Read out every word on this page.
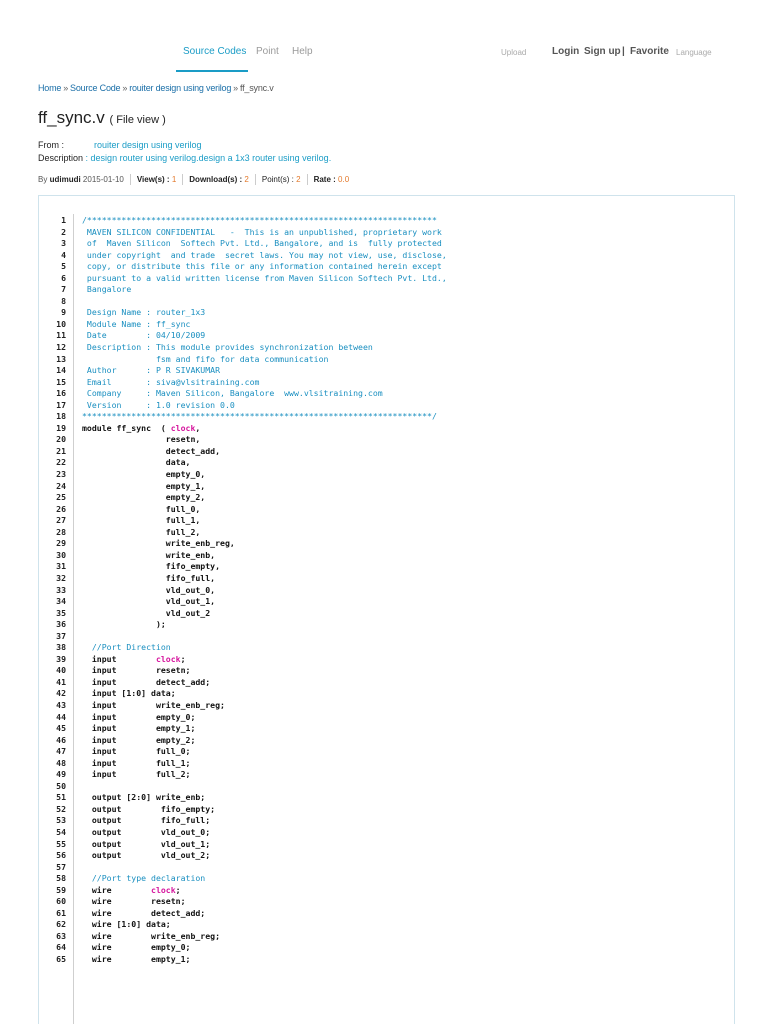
Source Codes Point Help	Upload	Login Sign up | Favorite Language
Home » Source Code » rouiter design using verilog » ff_sync.v
ff_sync.v ( File view )
From :	rouiter design using verilog
Description : design router using verilog.design a 1x3 router using verilog.
By
udimudi
2015-01-10 View(s) :
1 Download(s) :
2 Point(s) :
2 Rate :
0.0
1	/***********************************************************************
2	MAVEN SILICON CONFIDENTIAL   -  This is an unpublished, proprietary work
3	of  Maven Silicon  Softech Pvt. Ltd., Bangalore, and is  fully protected
4	under copyright  and trade  secret laws. You may not view, use, disclose,
5	copy, or distribute this file or any information contained herein except
6	pursuant to a valid written license from Maven Silicon Softech Pvt. Ltd.,
7	Bangalore
8
9	Design Name : router_1x3
10	Module Name : ff_sync
11	Date        : 04/10/2009
12	Description : This module provides synchronization between
13	fsm and fifo for data communication
14	Author      : P R SIVAKUMAR
15	Email       : siva@vlsitraining.com
16	Company     : Maven Silicon, Bangalore  www.vlsitraining.com
17	Version     : 1.0 revision 0.0
18	***********************************************************************/
19	module ff_sync  ( clock,
20	resetn,
21	detect_add,
22	data,
23	empty_0,
24	empty_1,
25	empty_2,
26	full_0,
27	full_1,
28	full_2,
29	write_enb_reg,
30	write_enb,
31	fifo_empty,
32	fifo_full,
33	vld_out_0,
34	vld_out_1,
35	vld_out_2
36	);
37
38	//Port Direction
39	input        clock;
40	input        resetn;
41	input        detect_add;
42	input [1:0] data;
43	input        write_enb_reg;
44	input        empty_0;
45	input        empty_1;
46	input        empty_2;
47	input        full_0;
48	input        full_1;
49	input        full_2;
50
51	output [2:0] write_enb;
52	output        fifo_empty;
53	output        fifo_full;
54	output        vld_out_0;
55	output        vld_out_1;
56	output        vld_out_2;
57
58	//Port type declaration
59	wire        clock;
60	wire        resetn;
61	wire        detect_add;
62	wire [1:0] data;
63	wire        write_enb_reg;
64	wire        empty_0;
65	wire        empty_1;
